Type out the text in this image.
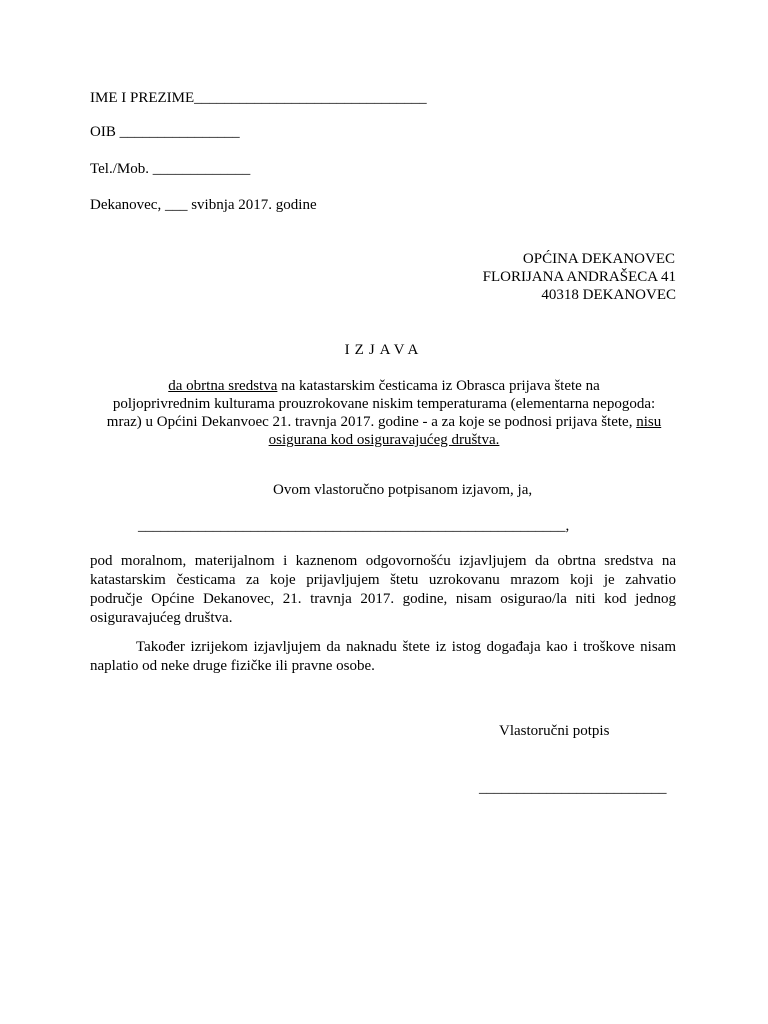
IME I PREZIME_______________________________
OIB ________________
Tel./Mob. _____________
Dekanovec, ___ svibnja 2017. godine
OPĆINA DEKANOVEC
FLORIJANA ANDRAŠECA 41
40318 DEKANOVEC
IZJAVA
da obrtna sredstva na katastarskim česticama iz Obrasca prijava štete na
poljoprivrednim kulturama prouzrokovane niskim temperaturama (elementarna nepogoda:
mraz) u Općini Dekanvoec 21. travnja 2017. godine - a za koje se podnosi prijava štete, nisu
osigurana kod osiguravajućeg društva.
Ovom vlastoručno potpisanom izjavom, ja,
_________________________________________________________,
pod moralnom, materijalnom i kaznenom odgovornošću izjavljujem da obrtna sredstva na
katastarskim česticama za koje prijavljujem štetu uzrokovanu mrazom koji je zahvatio
područje Općine Dekanovec, 21. travnja 2017. godine, nisam osigurao/la niti kod jednog
osiguravajućeg društva.
Također izrijekom izjavljujem da naknadu štete iz istog događaja kao i troškove nisam
naplatio od neke druge fizičke ili pravne osobe.
Vlastoručni potpis
_________________________
